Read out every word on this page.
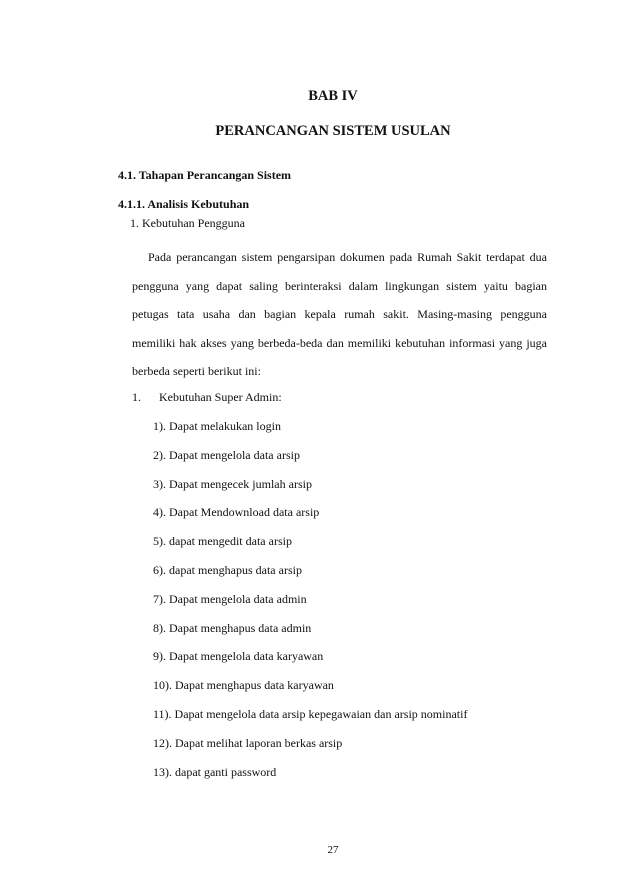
BAB IV
PERANCANGAN SISTEM USULAN
4.1. Tahapan Perancangan Sistem
4.1.1. Analisis Kebutuhan
1. Kebutuhan Pengguna
Pada perancangan sistem pengarsipan dokumen pada Rumah Sakit terdapat dua
pengguna yang dapat saling berinteraksi dalam lingkungan sistem yaitu bagian
petugas tata usaha dan bagian kepala rumah sakit. Masing-masing pengguna
memiliki hak akses yang berbeda-beda dan memiliki kebutuhan informasi yang juga
berbeda seperti berikut ini:
1. Kebutuhan Super Admin:
1). Dapat melakukan login
2). Dapat mengelola data arsip
3). Dapat mengecek jumlah arsip
4). Dapat Mendownload data arsip
5). dapat mengedit data arsip
6). dapat menghapus data arsip
7). Dapat mengelola data admin
8). Dapat menghapus data admin
9). Dapat mengelola data karyawan
10). Dapat menghapus data karyawan
11). Dapat mengelola data arsip kepegawaian dan arsip nominatif
12). Dapat melihat laporan berkas arsip
13). dapat ganti password
27
